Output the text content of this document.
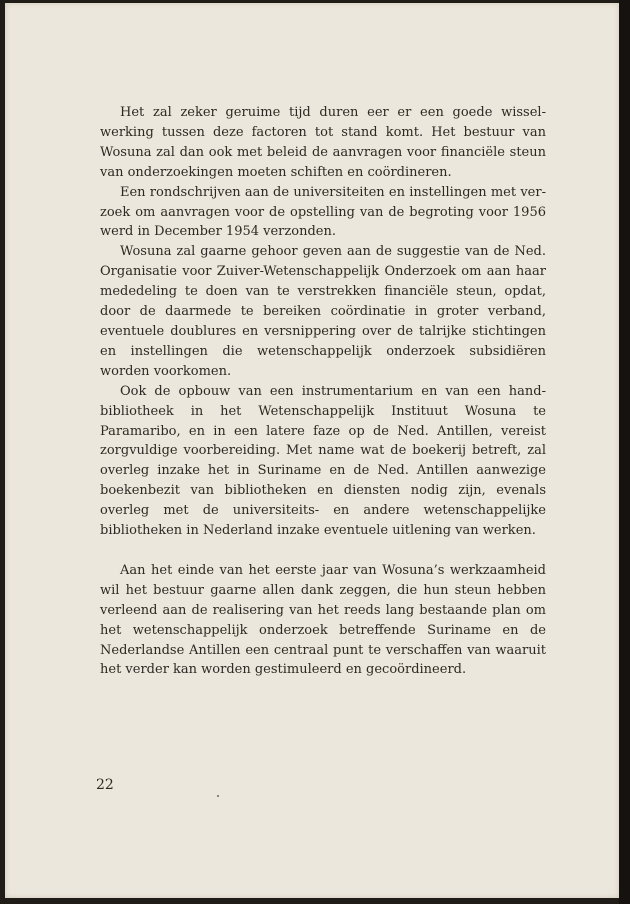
Het zal zeker geruime tijd duren eer er een goede wisselwerking tussen deze factoren tot stand komt. Het bestuur van Wosuna zal dan ook met beleid de aanvragen voor financiële steun van onderzoekingen moeten schiften en coördineren.

Een rondschrijven aan de universiteiten en instellingen met verzoek om aanvragen voor de opstelling van de begroting voor 1956 werd in December 1954 verzonden.

Wosuna zal gaarne gehoor geven aan de suggestie van de Ned. Organisatie voor Zuiver-Wetenschappelijk Onderzoek om aan haar mededeling te doen van te verstrekken financiële steun, opdat, door de daarmede te bereiken coördinatie in groter verband, eventuele doublures en versnippering over de talrijke stichtingen en instellingen die wetenschappelijk onderzoek subsidiëren worden voorkomen.

Ook de opbouw van een instrumentarium en van een handbibliotheek in het Wetenschappelijk Instituut Wosuna te Paramaribo, en in een latere faze op de Ned. Antillen, vereist zorgvuldige voorbereiding. Met name wat de boekerij betreft, zal overleg inzake het in Suriname en de Ned. Antillen aanwezige boekenbezit van bibliotheken en diensten nodig zijn, evenals overleg met de universiteits- en andere wetenschappelijke bibliotheken in Nederland inzake eventuele uitlening van werken.

Aan het einde van het eerste jaar van Wosuna’s werkzaamheid wil het bestuur gaarne allen dank zeggen, die hun steun hebben verleend aan de realisering van het reeds lang bestaande plan om het wetenschappelijk onderzoek betreffende Suriname en de Nederlandse Antillen een centraal punt te verschaffen van waaruit het verder kan worden gestimuleerd en gecoördineerd.

22
